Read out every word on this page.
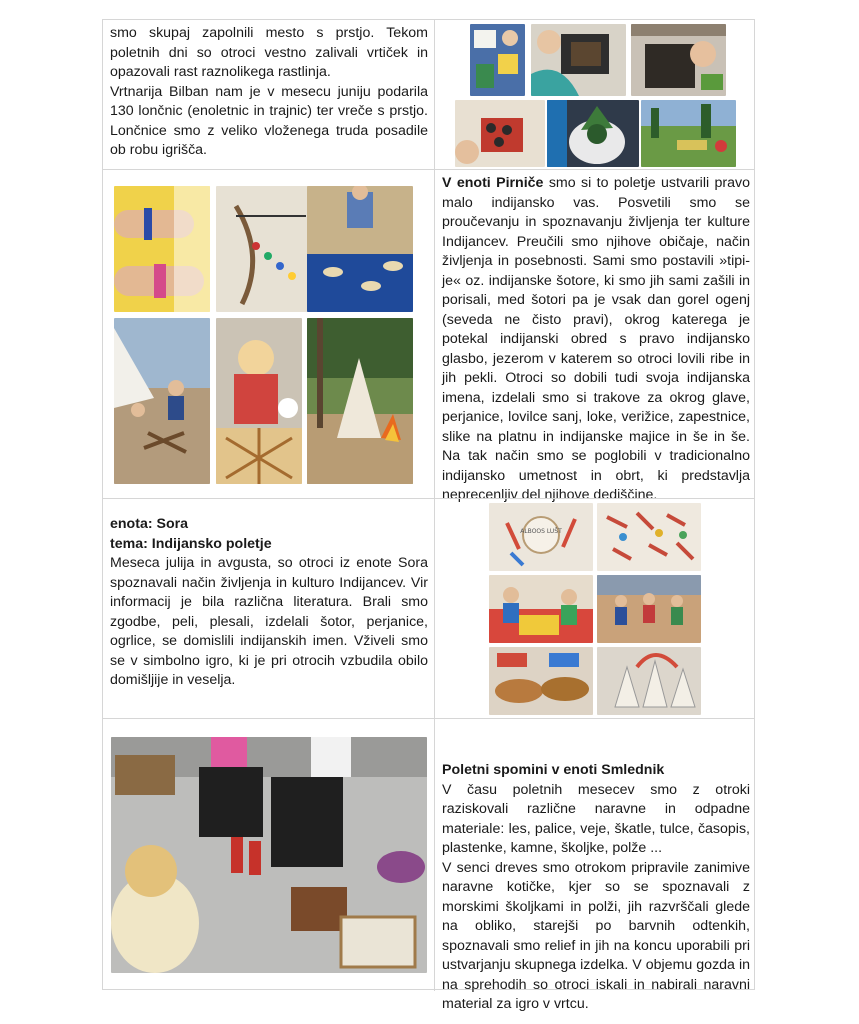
smo skupaj zapolnili mesto s prstjo. Tekom poletnih dni so otroci vestno zalivali vrtiček in opazovali rast raznolikega rastlinja.

Vrtnarija Bilban nam je v mesecu juniju podarila 130 lončnic (enoletnic in trajnic) ter vreče s prstjo. Lončnice smo z veliko vloženega truda posadile ob robu igrišča.

V enoti Pirniče smo si to poletje ustvarili pravo malo indijansko vas. Posvetili smo se proučevanju in spoznavanju življenja ter kulture Indijancev. Preučili smo njihove običaje, način življenja in posebnosti. Sami smo postavili »tipi-je« oz. indijanske šotore, ki smo jih sami zašili in porisali, med šotori pa je vsak dan gorel ogenj (seveda ne čisto pravi), okrog katerega je potekal indijanski obred s pravo indijansko glasbo, jezerom v katerem so otroci lovili ribe in jih pekli. Otroci so dobili tudi svoja indijanska imena, izdelali smo si trakove za okrog glave, perjanice, lovilce sanj, loke, verižice, zapestnice, slike na platnu in indijanske majice in še in še. Na tak način smo se poglobili v tradicionalno indijansko umetnost in obrt, ki predstavlja neprecenljiv del njihove dediščine.

enota: Sora

tema: Indijansko poletje

Meseca julija in avgusta, so otroci iz enote Sora spoznavali način življenja in kulturo Indijancev. Vir informacij je bila različna literatura. Brali smo zgodbe, peli, plesali, izdelali šotor, perjanice, ogrlice, se domislili indijanskih imen. Vživeli smo se v simbolno igro, ki je pri otrocih vzbudila obilo domišljije in veselja.

ALBOOS LUŠT

Poletni spomini v enoti Smlednik

V času poletnih mesecev smo z otroki raziskovali različne naravne in odpadne materiale: les, palice, veje, škatle, tulce, časopis, plastenke, kamne, školjke, polže ...

V senci dreves smo otrokom pripravile zanimive naravne kotičke, kjer so se spoznavali z morskimi školjkami in polži, jih razvrščali glede na obliko, starejši po barvnih odtenkih, spoznavali smo relief in jih na koncu uporabili pri ustvarjanju skupnega izdelka. V objemu gozda in na sprehodih so otroci iskali in nabirali naravni material za igro v vrtcu.
